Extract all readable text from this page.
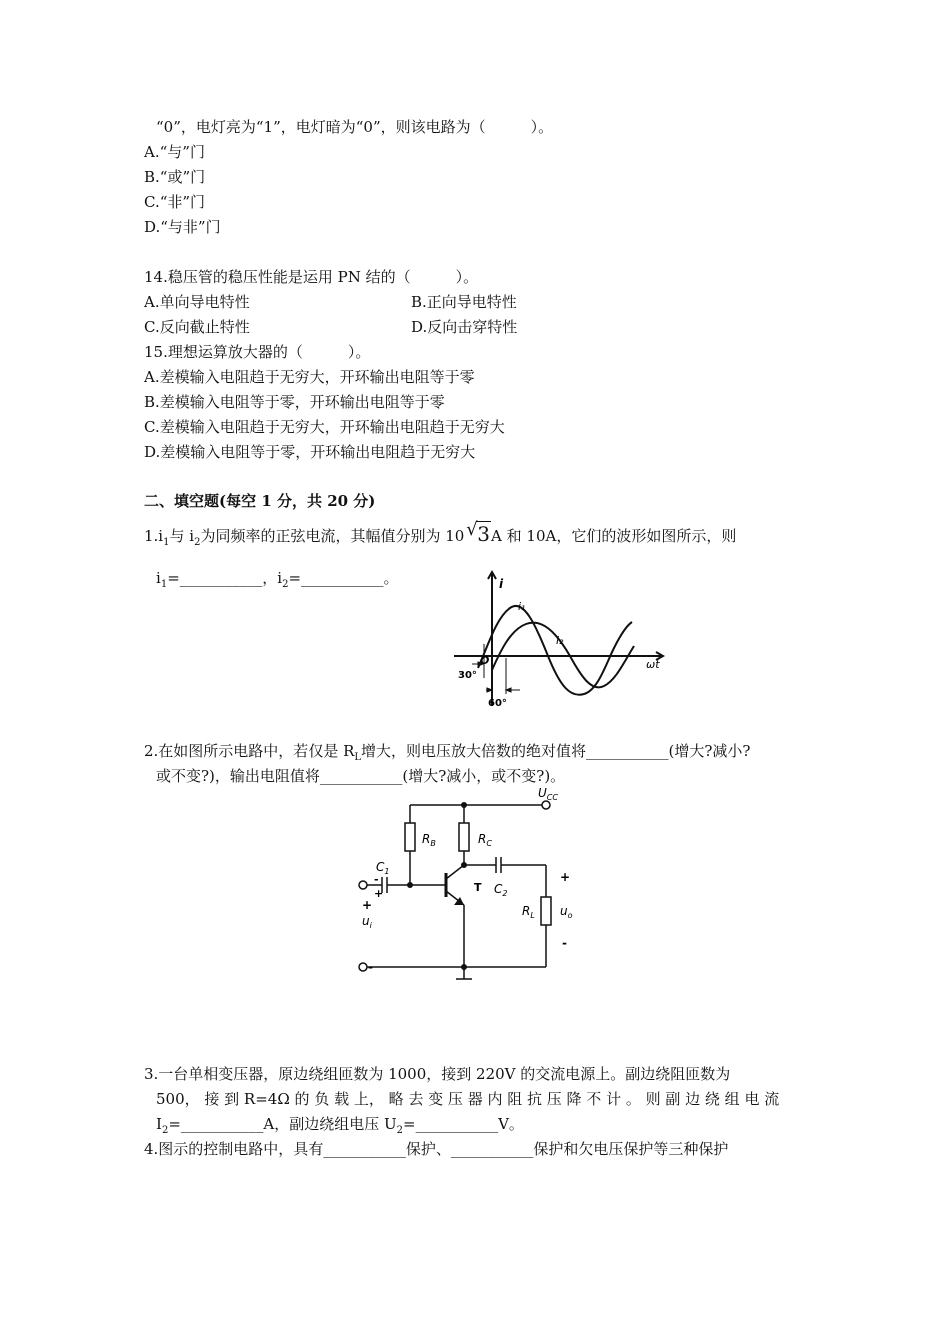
“0”，电灯亮为“1”，电灯暗为“0”，则该电路为（　　　）。
A.“与”门
B.“或”门
C.“非”门
D.“与非”门
14.稳压管的稳压性能是运用 PN 结的（　　　）。
A.单向导电特性	B.正向导电特性
C.反向截止特性	D.反向击穿特性
15.理想运算放大器的（　　　）。
A.差模输入电阻趋于无穷大，开环输出电阻等于零
B.差模输入电阻等于零，开环输出电阻等于零
C.差模输入电阻趋于无穷大，开环输出电阻趋于无穷大
D.差模输入电阻等于零，开环输出电阻趋于无穷大
二、填空题(每空 1 分，共 20 分)
$1.i_1$与 $i_2$为同频率的正弦电流，其幅值分别为 10 √ 3A 和 10A，它们的波形如图所示，则
$i_1=\_\_\_\_\_\_\_\_\_\_\_$，$i_2=\_\_\_\_\_\_\_\_\_\_\_$。	i
i₁
i₂
ωt
O
30°
60°
2.在如图所示电路中，若仅是 $R_L$增大，则电压放大倍数的绝对值将___________(增大?减小?
或不变?)，输出电阻值将___________(增大?减小，或不变?)。
$U_{CC}$
$R_B$	$R_C$
$C_1$
$C_2$
T
$R_L$ $u_o$
$u_i$
+
-
+
-
+
-
3.一台单相变压器，原边绕组匝数为 1000，接到 220V 的交流电源上。副边绕阻匝数为
500， 接 到 R=4Ω 的 负 载 上， 略 去 变 压 器 内 阻 抗 压 降 不 计 。 则 副 边 绕 组 电 流
$I_2=\_\_\_\_\_\_\_\_\_\_\_A$，副边绕组电压 $U_2=\_\_\_\_\_\_\_\_\_\_\_V$。
4.图示的控制电路中，具有___________保护、___________保护和欠电压保护等三种保护
